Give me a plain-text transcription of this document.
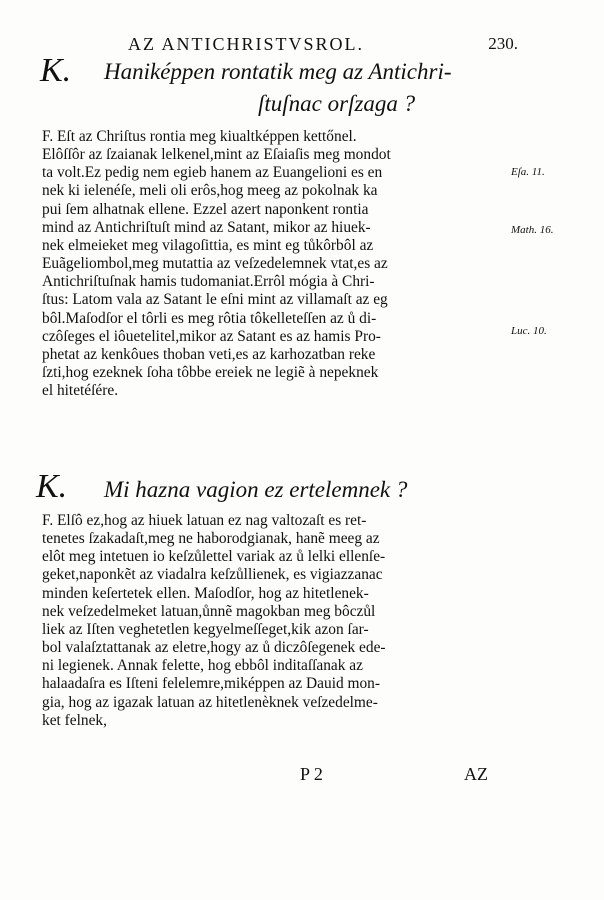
AZ ANTICHRISTVSROL.	230.
K. Haniképpen rontatik meg az Antichri-
ſtuſnac orſzaga ?
F. Eſt az Chriſtus rontia meg kiualtképpen kettőnel.
Elôſſôr az ſzaianak lelkenel,mint az Eſaiaſis meg mondot
ta volt.Ez pedig nem egieb hanem az Euangelioni es en
nek ki ielenéſe, meli oli erôs,hog meeg az pokolnak ka
pui ſem alhatnak ellene. Ezzel azert naponkent rontia
mind az Antichriſtuſt mind az Satant, mikor az hiuek-
nek elmeieket meg vilagoſittia, es mint eg tůkôrbôl az
Euãgeliombol,meg mutattia az veſzedelemnek vtat,es az
Antichriſtuſnak hamis tudomaniat.Errôl mógia à Chri-
ſtus: Latom vala az Satant le eſni mint az villamaſt az eg
bôl.Maſodſor el tôrli es meg rôtia tôkelleteſſen az ů di-
czôſeges el iôuetelitel,mikor az Satant es az hamis Pro-
phetat az kenkôues thoban veti,es az karhozatban reke
ſzti,hog ezeknek ſoha tôbbe ereiek ne legiẽ à nepeknek
el hitetéſére.
Eſa. 11.
Math. 16.
Luc. 10.
K. Mi hazna vagion ez ertelemnek ?
F. Elſô ez,hog az hiuek latuan ez nag valtozaſt es ret-
tenetes ſzakadaſt,meg ne haborodgianak, hanẽ meeg az
elôt meg intetuen io keſzůlettel variak az ů lelki ellenſe-
geket,naponkẽt az viadalra keſzůllienek, es vigiazzanac
minden keſertetek ellen. Maſodſor, hog az hitetlenek-
nek veſzedelmeket latuan,ůnnẽ magokban meg bôczůl
liek az Iſten veghetetlen kegyelmeſſeget,kik azon ſar-
bol valaſztattanak az eletre,hogy az ů diczôſegenek ede-
ni legienek. Annak felette, hog ebbôl inditaſſanak az
halaadaſra es Iſteni felelemre,miképpen az Dauid mon-
gia, hog az igazak latuan az hitetlenèknek veſzedelme-
ket felnek,
P 2	AZ
